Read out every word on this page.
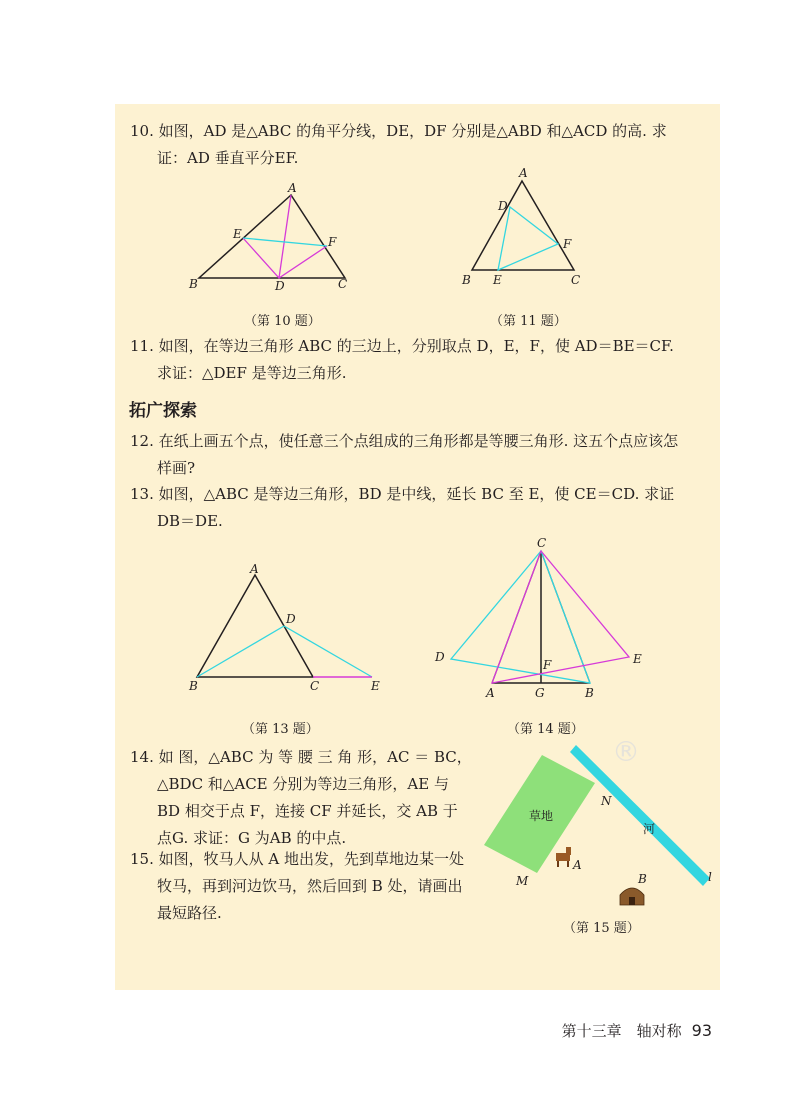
10. 如图，AD 是△ABC 的角平分线，DE，DF 分别是△ABD 和△ACD 的高. 求
证：AD 垂直平分EF.

A
B	C
D
E
F
（第 10 题）
A
B	C
D
E
F
（第 11 题）

11. 如图，在等边三角形 ABC 的三边上，分别取点 D，E，F，使 AD＝BE＝CF.
求证：△DEF 是等边三角形.

拓广探索

12. 在纸上画五个点，使任意三个点组成的三角形都是等腰三角形. 这五个点应该怎
样画?

13. 如图，△ABC 是等边三角形，BD 是中线，延长 BC 至 E，使 CE＝CD. 求证
DB＝DE.

A
B	C
D
E
（第 13 题）
C
D	E
F
A	G	B
（第 14 题）

14. 如 图，△ABC 为 等 腰 三 角 形，AC ＝ BC，
△BDC 和△ACE 分别为等边三角形，AE 与
BD 相交于点 F，连接 CF 并延长，交 AB 于
点G. 求证：G 为AB 的中点.

15. 如图，牧马人从 A 地出发，先到草地边某一处
牧马，再到河边饮马，然后回到 B 处，请画出
最短路径.

®
草地
河
N
A
M	B	l
（第 15 题）
第十三章　轴对称 93
